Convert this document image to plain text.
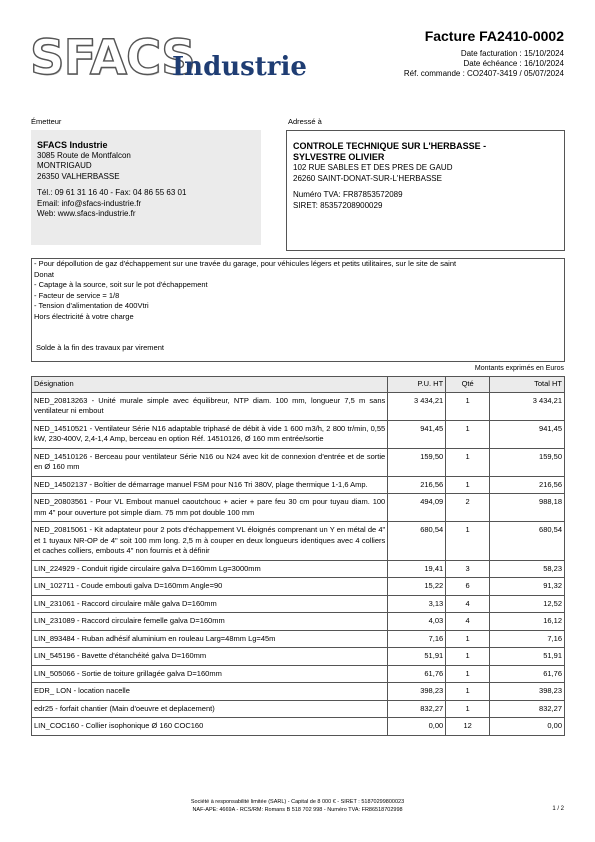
SFACS
Industrie
Facture FA2410-0002
Date facturation : 15/10/2024
Date échéance : 16/10/2024
Réf. commande : CO2407-3419 / 05/07/2024
Émetteur	Adressé à
SFACS Industrie
3085 Route de Montfalcon
MONTRIGAUD
26350 VALHERBASSE
Tél.: 09 61 31 16 40 - Fax: 04 86 55 63 01
Email: info@sfacs-industrie.fr
Web: www.sfacs-industrie.fr
CONTROLE TECHNIQUE SUR L'HERBASSE -
SYLVESTRE OLIVIER
102 RUE SABLES ET DES PRES DE GAUD
26260 SAINT-DONAT-SUR-L'HERBASSE
Numéro TVA: FR87853572089
SIRET: 85357208900029
- Pour dépollution de gaz d'échappement sur une travée du garage, pour véhicules légers et petits utilitaires, sur le site de saint
Donat
- Captage à la source, soit sur le pot d'échappement
- Facteur de service = 1/8
- Tension d'alimentation de 400Vtri
Hors électricité à votre charge
Solde à la fin des travaux par virement
Montants exprimés en Euros
Désignation	P.U. HT	Qté	Total HT
NED_20813263 - Unité murale simple avec équilibreur, NTP diam. 100 mm, longueur 7,5 m sans ventilateur ni embout	3 434,21	1	3 434,21
NED_14510521 - Ventilateur Série N16 adaptable triphasé de débit à vide 1 600 m3/h, 2 800 tr/min, 0,55 kW, 230-400V, 2,4-1,4 Amp, berceau en option Réf. 14510126, Ø 160 mm entrée/sortie	941,45	1	941,45
NED_14510126 - Berceau pour ventilateur Série N16 ou N24 avec kit de connexion d'entrée et de sortie en Ø 160 mm	159,50	1	159,50
NED_14502137 - Boîtier de démarrage manuel FSM pour N16 Tri 380V, plage thermique 1-1,6 Amp.	216,56	1	216,56
NED_20803561 - Pour VL Embout manuel caoutchouc + acier + pare feu 30 cm pour tuyau diam. 100 mm 4" pour ouverture pot simple diam. 75 mm pot double 100 mm	494,09	2	988,18
NED_20815061 - Kit adaptateur pour 2 pots d'échappement VL éloignés comprenant un Y en métal de 4" et 1 tuyaux NR-OP de 4" soit 100 mm long. 2,5 m à couper en deux longueurs identiques avec 4 colliers et caches colliers, embouts 4" non fournis et à définir	680,54	1	680,54
LIN_224929 - Conduit rigide circulaire galva D=160mm Lg=3000mm	19,41	3	58,23
LIN_102711 - Coude embouti galva D=160mm Angle=90	15,22	6	91,32
LIN_231061 - Raccord circulaire mâle galva D=160mm	3,13	4	12,52
LIN_231089 - Raccord circulaire femelle galva D=160mm	4,03	4	16,12
LIN_893484 - Ruban adhésif aluminium en rouleau Larg=48mm Lg=45m	7,16	1	7,16
LIN_545196 - Bavette d'étanchéité galva D=160mm	51,91	1	51,91
LIN_505066 - Sortie de toiture grillagée galva D=160mm	61,76	1	61,76
EDR_ LON - location nacelle	398,23	1	398,23
edr25 - forfait chantier (Main d'oeuvre et deplacement)	832,27	1	832,27
LIN_COC160 - Collier isophonique Ø 160 COC160	0,00	12	0,00
Société à responsabilité limitée (SARL) - Capital de 8 000 € - SIRET : 51870299800023
NAF-APE: 4669A - RCS/RM: Romans B 518 702 998 - Numéro TVA: FR86518702998	1 / 2
